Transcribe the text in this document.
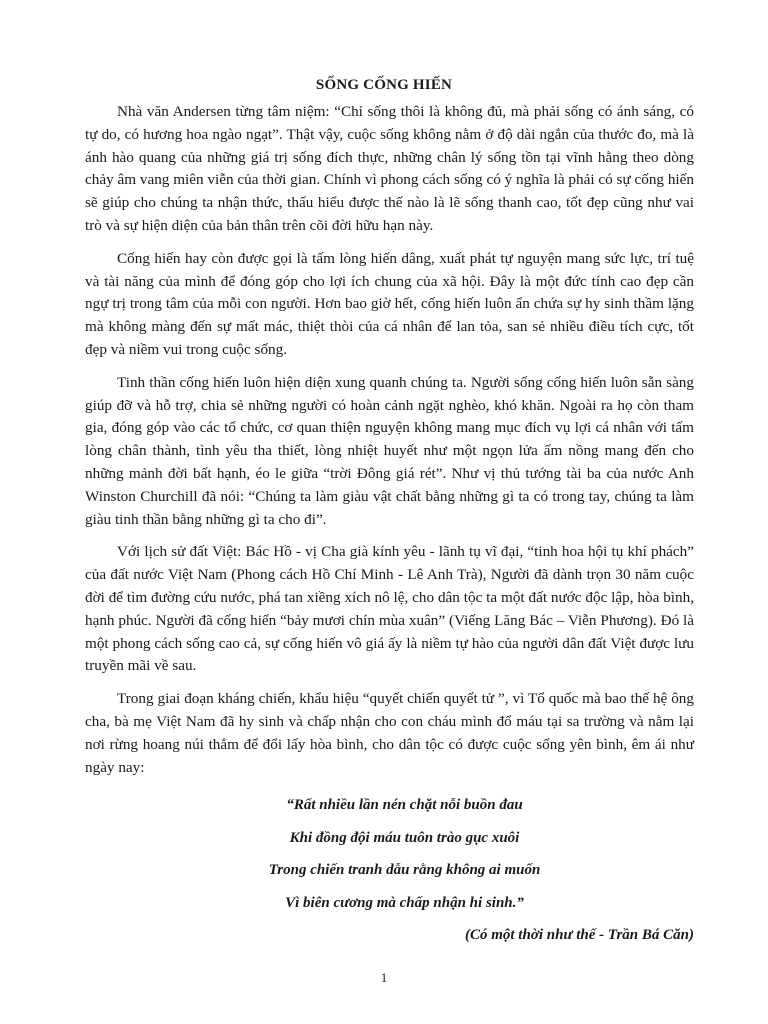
SỐNG CỐNG HIẾN

Nhà văn Andersen từng tâm niệm: “Chỉ sống thôi là không đủ, mà phải sống có ánh sáng, có tự do, có hương hoa ngào ngạt”. Thật vậy, cuộc sống không nằm ở độ dài ngắn của thước đo, mà là ánh hào quang của những giá trị sống đích thực, những chân lý sống tồn tại vĩnh hằng theo dòng chảy âm vang miên viễn của thời gian. Chính vì phong cách sống có ý nghĩa là phải có sự cống hiến sẽ giúp cho chúng ta nhận thức, thấu hiểu được thế nào là lẽ sống thanh cao, tốt đẹp cũng như vai trò và sự hiện diện của bản thân trên cõi đời hữu hạn này.

Cống hiến hay còn được gọi là tấm lòng hiến dâng, xuất phát tự nguyện mang sức lực, trí tuệ và tài năng của mình để đóng góp cho lợi ích chung của xã hội. Đây là một đức tính cao đẹp cần ngự trị trong tâm của mỗi con người. Hơn bao giờ hết, cống hiến luôn ẩn chứa sự hy sinh thầm lặng mà không màng đến sự mất mác, thiệt thòi của cá nhân để lan tỏa, san sẻ nhiều điều tích cực, tốt đẹp và niềm vui trong cuộc sống.

Tinh thần cống hiến luôn hiện diện xung quanh chúng ta. Người sống cống hiến luôn sẵn sàng giúp đỡ và hỗ trợ, chia sẻ những người có hoàn cảnh ngặt nghèo, khó khăn. Ngoài ra họ còn tham gia, đóng góp vào các tổ chức, cơ quan thiện nguyện không mang mục đích vụ lợi cá nhân với tấm lòng chân thành, tình yêu tha thiết, lòng nhiệt huyết như một ngọn lửa ấm nồng mang đến cho những mảnh đời bất hạnh, éo le giữa “trời Đông giá rét”. Như vị thủ tướng tài ba của nước Anh Winston Churchill đã nói: “Chúng ta làm giàu vật chất bằng những gì ta có trong tay, chúng ta làm giàu tinh thần bằng những gì ta cho đi”.

Với lịch sử đất Việt: Bác Hồ - vị Cha già kính yêu - lãnh tụ vĩ đại, “tinh hoa hội tụ khí phách” của đất nước Việt Nam (Phong cách Hồ Chí Minh - Lê Anh Trà), Người đã dành trọn 30 năm cuộc đời để tìm đường cứu nước, phá tan xiềng xích nô lệ, cho dân tộc ta một đất nước độc lập, hòa bình, hạnh phúc. Người đã cống hiến “bảy mươi chín mùa xuân” (Viếng Lăng Bác – Viễn Phương). Đó là một phong cách sống cao cả, sự cống hiến vô giá ấy là niềm tự hào của người dân đất Việt được lưu truyền mãi về sau.

Trong giai đoạn kháng chiến, khẩu hiệu “quyết chiến quyết tử ”, vì Tổ quốc mà bao thế hệ ông cha, bà mẹ Việt Nam đã hy sinh và chấp nhận cho con cháu mình đổ máu tại sa trường và nằm lại nơi rừng hoang núi thẳm để đổi lấy hòa bình, cho dân tộc có được cuộc sống yên bình, êm ái như ngày nay:

“Rất nhiều lần nén chặt nỗi buồn đau
Khi đồng đội máu tuôn trào gục xuôi
Trong chiến tranh dẫu rằng không ai muốn
Vì biên cương mà chấp nhận hi sinh.”
(Có một thời như thế - Trần Bá Căn)
1
